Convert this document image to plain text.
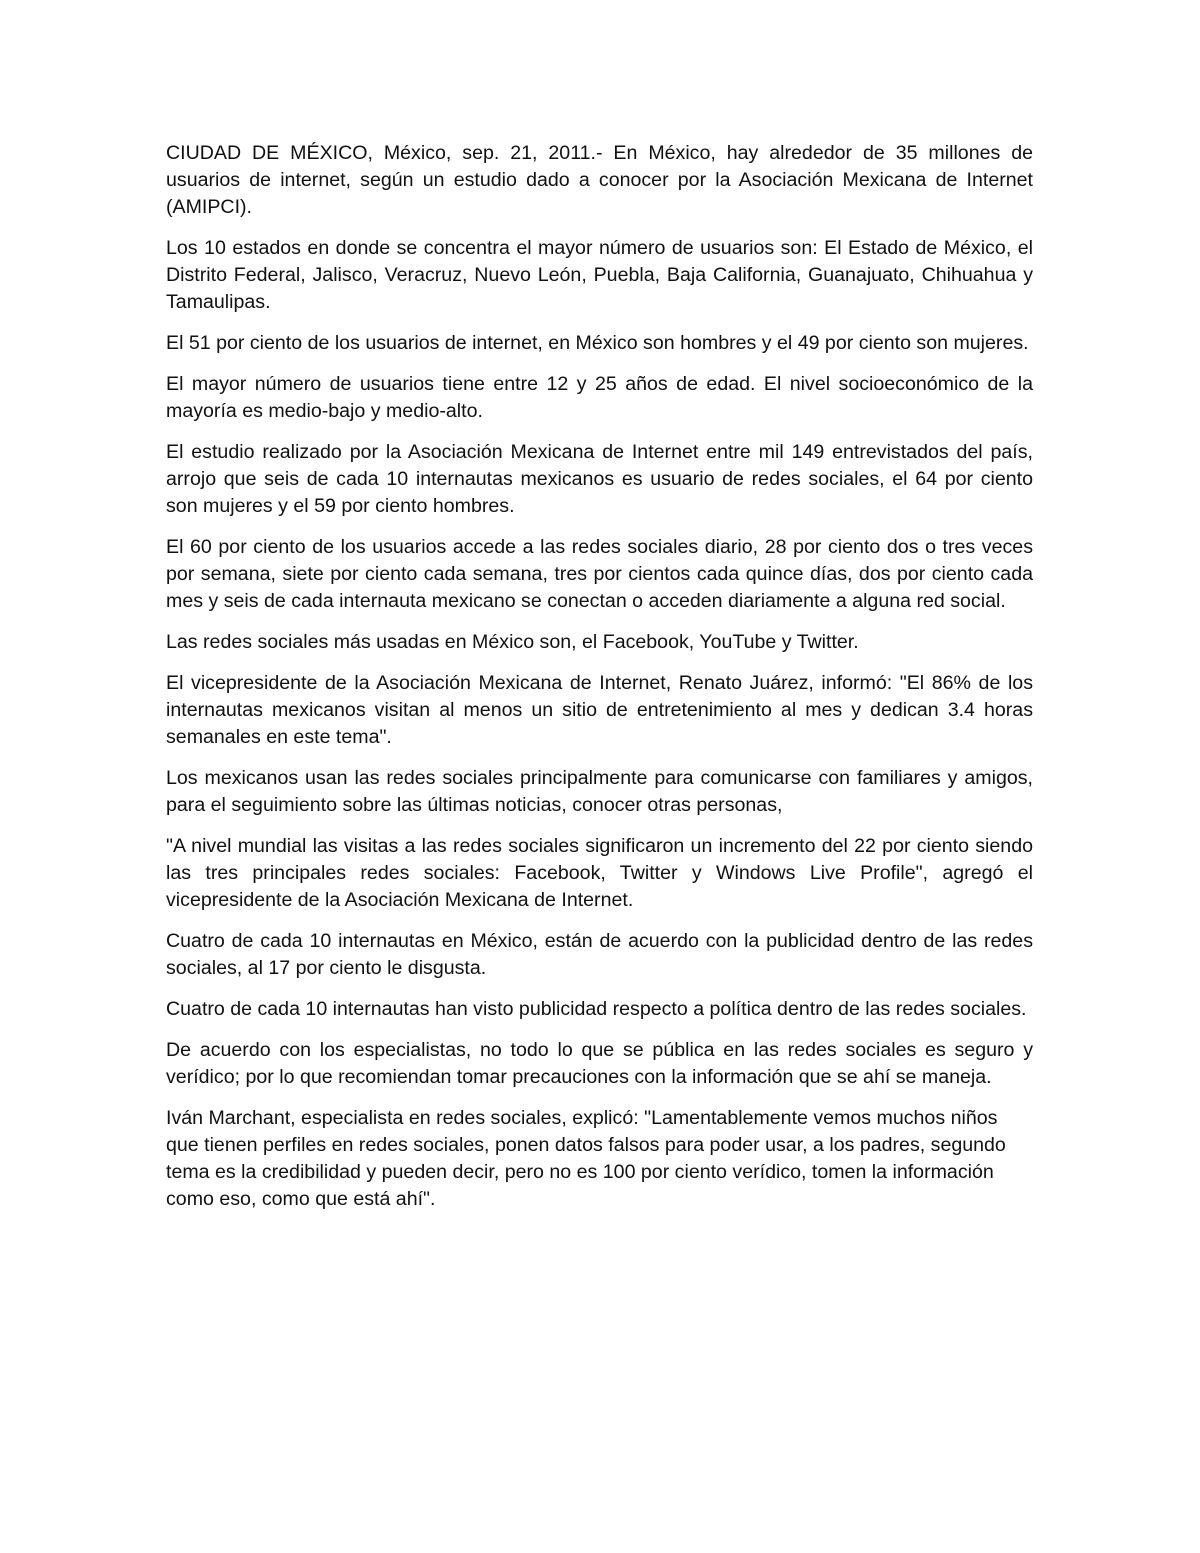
CIUDAD DE MÉXICO, México, sep. 21, 2011.- En México, hay alrededor de 35 millones de usuarios de internet, según un estudio dado a conocer por la Asociación Mexicana de Internet (AMIPCI).

Los 10 estados en donde se concentra el mayor número de usuarios son: El Estado de México, el Distrito Federal, Jalisco, Veracruz, Nuevo León, Puebla, Baja California, Guanajuato, Chihuahua y Tamaulipas.

El 51 por ciento de los usuarios de internet, en México son hombres y el 49 por ciento son mujeres.

El mayor número de usuarios tiene entre 12 y 25 años de edad. El nivel socioeconómico de la mayoría es medio-bajo y medio-alto.

El estudio realizado por la Asociación Mexicana de Internet entre mil 149 entrevistados del país, arrojo que seis de cada 10 internautas mexicanos es usuario de redes sociales, el 64 por ciento son mujeres y el 59 por ciento hombres.

El 60 por ciento de los usuarios accede a las redes sociales diario, 28 por ciento dos o tres veces por semana, siete por ciento cada semana, tres por cientos cada quince días, dos por ciento cada mes y seis de cada internauta mexicano se conectan o acceden diariamente a alguna red social.

Las redes sociales más usadas en México son, el Facebook, YouTube y Twitter.

El vicepresidente de la Asociación Mexicana de Internet, Renato Juárez, informó: "El 86% de los internautas mexicanos visitan al menos un sitio de entretenimiento al mes y dedican 3.4 horas semanales en este tema".

Los mexicanos usan las redes sociales principalmente para comunicarse con familiares y amigos, para el seguimiento sobre las últimas noticias, conocer otras personas,

"A nivel mundial las visitas a las redes sociales significaron un incremento del 22 por ciento siendo las tres principales redes sociales: Facebook, Twitter y Windows Live Profile", agregó el vicepresidente de la Asociación Mexicana de Internet.

Cuatro de cada 10 internautas en México, están de acuerdo con la publicidad dentro de las redes sociales, al 17 por ciento le disgusta.

Cuatro de cada 10 internautas han visto publicidad respecto a política dentro de las redes sociales.

De acuerdo con los especialistas, no todo lo que se pública en las redes sociales es seguro y verídico; por lo que recomiendan tomar precauciones con la información que se ahí se maneja.

Iván Marchant, especialista en redes sociales, explicó: "Lamentablemente vemos muchos niños que tienen perfiles en redes sociales, ponen datos falsos para poder usar, a los padres, segundo tema es la credibilidad y pueden decir, pero no es 100 por ciento verídico, tomen la información como eso, como que está ahí".
